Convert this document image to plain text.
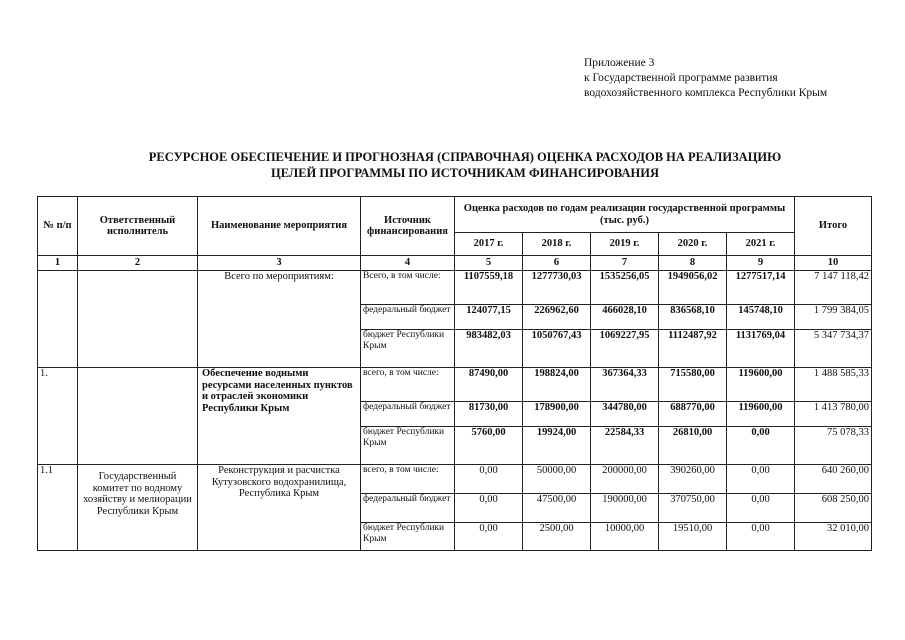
Приложение 3
к Государственной программе развития
водохозяйственного комплекса Республики Крым
РЕСУРСНОЕ ОБЕСПЕЧЕНИЕ И ПРОГНОЗНАЯ (СПРАВОЧНАЯ) ОЦЕНКА РАСХОДОВ НА РЕАЛИЗАЦИЮ
ЦЕЛЕЙ ПРОГРАММЫ ПО ИСТОЧНИКАМ ФИНАНСИРОВАНИЯ
№ п/п	Ответственный исполнитель	Наименование мероприятия	Источник финансирования	Оценка расходов по годам реализации государственной программы (тыс. руб.)					Итого
				2017 г.	2018 г.	2019 г.	2020 г.	2021 г.	
1	2	3	4	5	6	7	8	9	10
		Всего по мероприятиям:	Всего, в том числе:	1107559,18	1277730,03	1535256,05	1949056,02	1277517,14	7 147 118,42
			федеральный бюджет	124077,15	226962,60	466028,10	836568,10	145748,10	1 799 384,05
			бюджет Республики Крым	983482,03	1050767,43	1069227,95	1112487,92	1131769,04	5 347 734,37
1.		Обеспечение водными ресурсами населенных пунктов и отраслей экономики Республики Крым	всего, в том числе:	87490,00	198824,00	367364,33	715580,00	119600,00	1 488 585,33
			федеральный бюджет	81730,00	178900,00	344780,00	688770,00	119600,00	1 413 780,00
			бюджет Республики Крым	5760,00	19924,00	22584,33	26810,00	0,00	75 078,33
1.1	Государственный комитет по водному хозяйству и мелиорации Республики Крым	Реконструкция и расчистка Кутузовского водохранилища, Республика Крым	всего, в том числе:	0,00	50000,00	200000,00	390260,00	0,00	640 260,00
			федеральный бюджет	0,00	47500,00	190000,00	370750,00	0,00	608 250,00
			бюджет Республики Крым	0,00	2500,00	10000,00	19510,00	0,00	32 010,00
